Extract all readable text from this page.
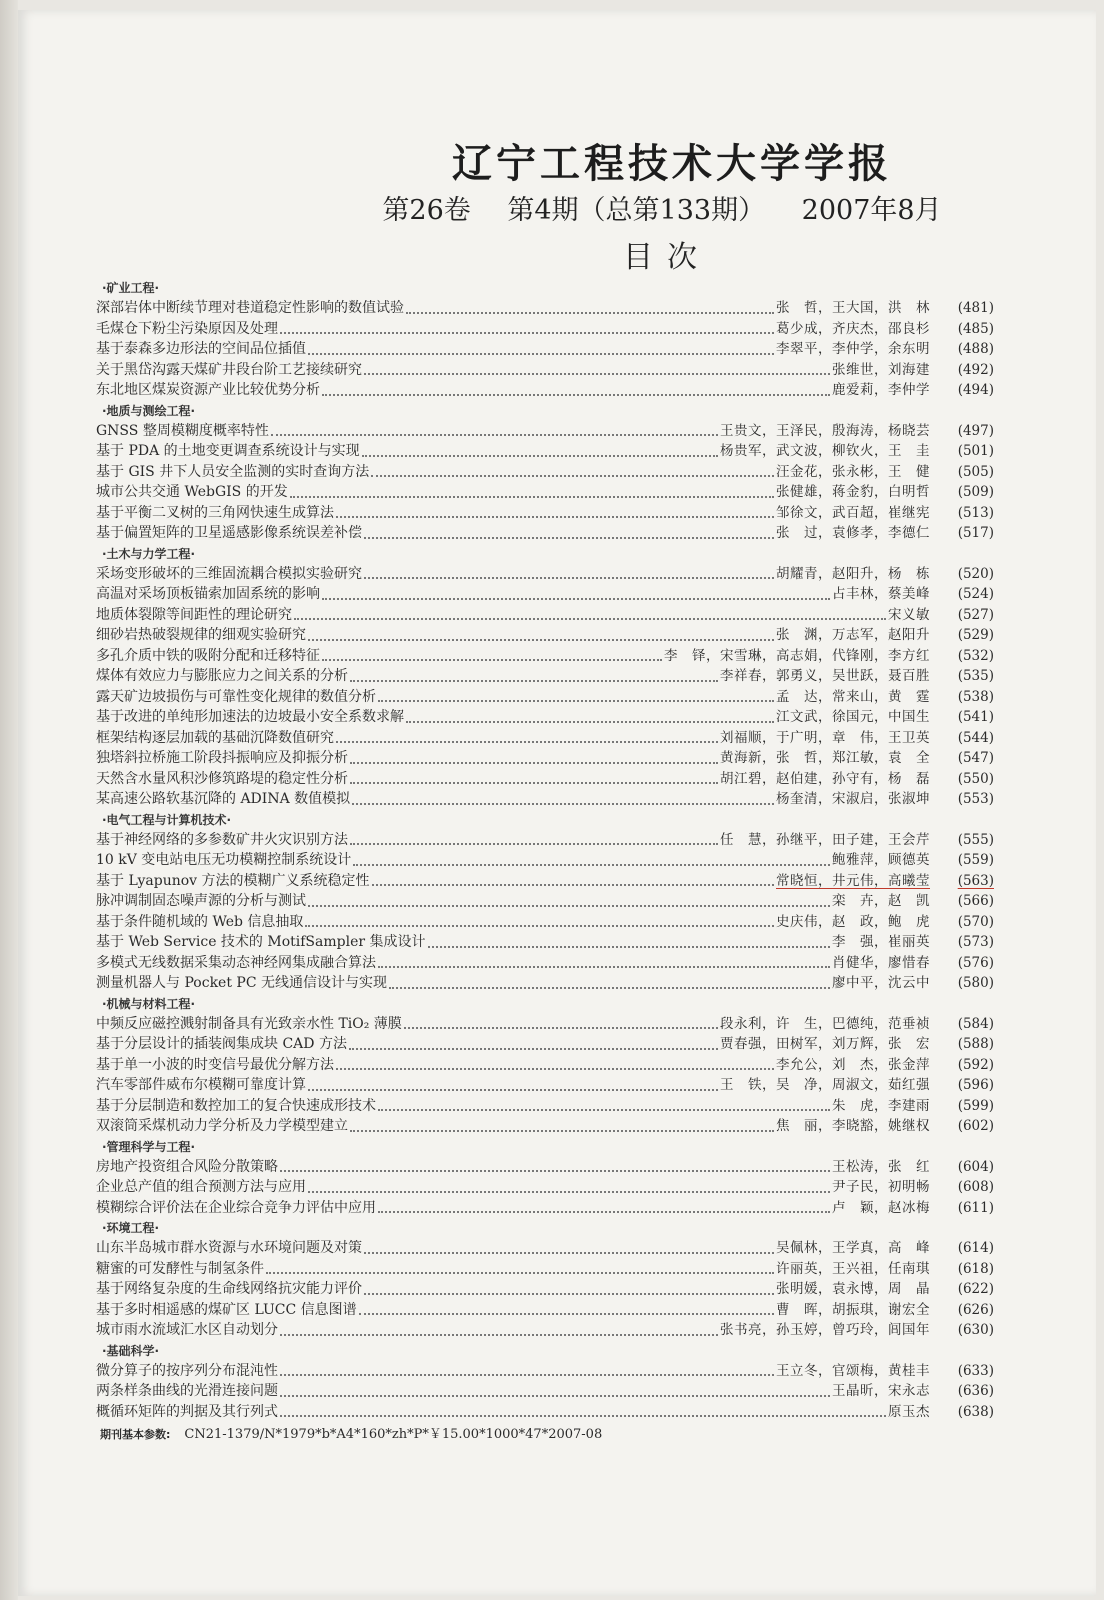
辽宁工程技术大学学报
第26卷 第4期（总第133期） 2007年8月
目次
·矿业工程·
深部岩体中断续节理对巷道稳定性影响的数值试验	张　哲，王大国，洪　林	(481)
毛煤仓下粉尘污染原因及处理	葛少成，齐庆杰，邵良杉	(485)
基于泰森多边形法的空间品位插值	李翠平，李仲学，余东明	(488)
关于黑岱沟露天煤矿井段台阶工艺接续研究	张维世，刘海建	(492)
东北地区煤炭资源产业比较优势分析	鹿爱莉，李仲学	(494)
·地质与测绘工程·
GNSS 整周模糊度概率特性	王贵文，王泽民，殷海涛，杨晓芸	(497)
基于 PDA 的土地变更调查系统设计与实现	杨贵军，武文波，柳钦火，王　圭	(501)
基于 GIS 井下人员安全监测的实时查询方法	汪金花，张永彬，王　健	(505)
城市公共交通 WebGIS 的开发	张健雄，蒋金豹，白明哲	(509)
基于平衡二叉树的三角网快速生成算法	邹徐文，武百超，崔继宪	(513)
基于偏置矩阵的卫星遥感影像系统误差补偿	张　过，袁修孝，李德仁	(517)
·土木与力学工程·
采场变形破坏的三维固流耦合模拟实验研究	胡耀青，赵阳升，杨　栋	(520)
高温对采场顶板锚索加固系统的影响	占丰林，蔡美峰	(524)
地质体裂隙等间距性的理论研究	宋义敏	(527)
细砂岩热破裂规律的细观实验研究	张　渊，万志军，赵阳升	(529)
多孔介质中铁的吸附分配和迁移特征	李　铎，宋雪琳，高志娟，代锋刚，李方红	(532)
煤体有效应力与膨胀应力之间关系的分析	李祥春，郭勇义，吴世跃，聂百胜	(535)
露天矿边坡损伤与可靠性变化规律的数值分析	孟　达，常来山，黄　霆	(538)
基于改进的单纯形加速法的边坡最小安全系数求解	江文武，徐国元，中国生	(541)
框架结构逐层加载的基础沉降数值研究	刘福顺，于广明，章　伟，王卫英	(544)
独塔斜拉桥施工阶段抖振响应及抑振分析	黄海新，张　哲，郑江敏，袁　全	(547)
天然含水量风积沙修筑路堤的稳定性分析	胡江碧，赵伯建，孙守有，杨　磊	(550)
某高速公路软基沉降的 ADINA 数值模拟	杨奎清，宋淑启，张淑坤	(553)
·电气工程与计算机技术·
基于神经网络的多参数矿井火灾识别方法	任　慧，孙继平，田子建，王会芹	(555)
10 kV 变电站电压无功模糊控制系统设计	鲍雅萍，顾德英	(559)
基于 Lyapunov 方法的模糊广义系统稳定性	常晓恒，井元伟，高曦莹	(563)
脉冲调制固态噪声源的分析与测试	栾　卉，赵　凯	(566)
基于条件随机域的 Web 信息抽取	史庆伟，赵　政，鲍　虎	(570)
基于 Web Service 技术的 MotifSampler 集成设计	李　强，崔丽英	(573)
多模式无线数据采集动态神经网集成融合算法	肖健华，廖惜春	(576)
测量机器人与 Pocket PC 无线通信设计与实现	廖中平，沈云中	(580)
·机械与材料工程·
中频反应磁控溅射制备具有光致亲水性 TiO₂ 薄膜	段永利，许　生，巴德纯，范垂祯	(584)
基于分层设计的插装阀集成块 CAD 方法	贾春强，田树军，刘万辉，张　宏	(588)
基于单一小波的时变信号最优分解方法	李允公，刘　杰，张金萍	(592)
汽车零部件威布尔模糊可靠度计算	王　铁，吴　净，周淑文，茹红强	(596)
基于分层制造和数控加工的复合快速成形技术	朱　虎，李建雨	(599)
双滚筒采煤机动力学分析及力学模型建立	焦　丽，李晓豁，姚继权	(602)
·管理科学与工程·
房地产投资组合风险分散策略	王松涛，张　红	(604)
企业总产值的组合预测方法与应用	尹子民，初明畅	(608)
模糊综合评价法在企业综合竞争力评估中应用	卢　颖，赵冰梅	(611)
·环境工程·
山东半岛城市群水资源与水环境问题及对策	吴佩林，王学真，高　峰	(614)
糖蜜的可发酵性与制氢条件	许丽英，王兴祖，任南琪	(618)
基于网络复杂度的生命线网络抗灾能力评价	张明媛，袁永博，周　晶	(622)
基于多时相遥感的煤矿区 LUCC 信息图谱	曹　晖，胡振琪，谢宏全	(626)
城市雨水流域汇水区自动划分	张书亮，孙玉婷，曾巧玲，闾国年	(630)
·基础科学·
微分算子的按序列分布混沌性	王立冬，官颂梅，黄桂丰	(633)
两条样条曲线的光滑连接问题	王晶昕，宋永志	(636)
概循环矩阵的判据及其行列式	原玉杰	(638)
期刊基本参数: CN21-1379/N*1979*b*A4*160*zh*P*￥15.00*1000*47*2007-08
